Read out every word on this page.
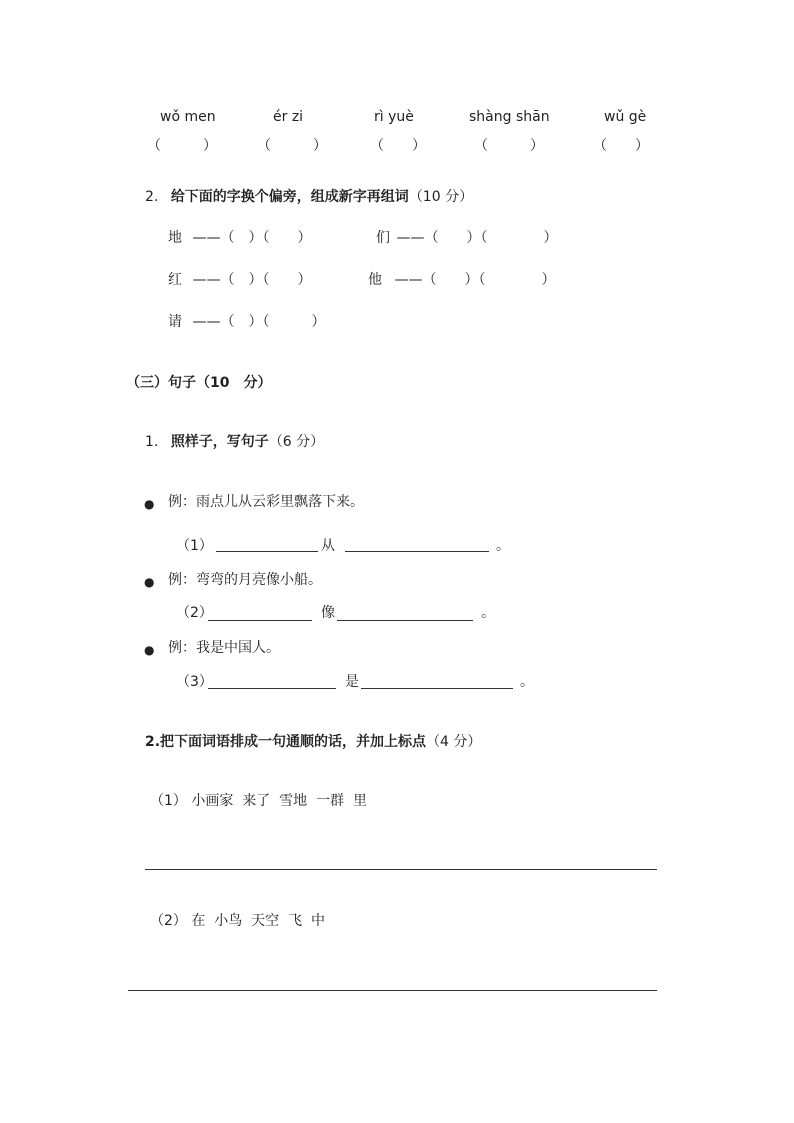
wǒ men	ér zi	rì yuè	shàng shān	wǔ gè
（　　　）	（　　　）	（　　）	（　　　）	（　　）
2. 给下面的字换个偏旁，组成新字再组词（10 分）
地 ——（　）（　　）	们 ——（　　）（　　　　）
红 ——（　）（　　）	他 ——（　　）（　　　　）
请 ——（　）（　　　）
（三）句子（10　分）
1. 照样子，写句子（6 分）
● 例：雨点儿从云彩里飘落下来。
（1）	从	。
● 例：弯弯的月亮像小船。
（2）	像	。
● 例：我是中国人。
（3）	是	。
2.把下面词语排成一句通顺的话，并加上标点（4 分）
（1） 小画家  来了  雪地  一群  里
（2） 在  小鸟  天空  飞  中
